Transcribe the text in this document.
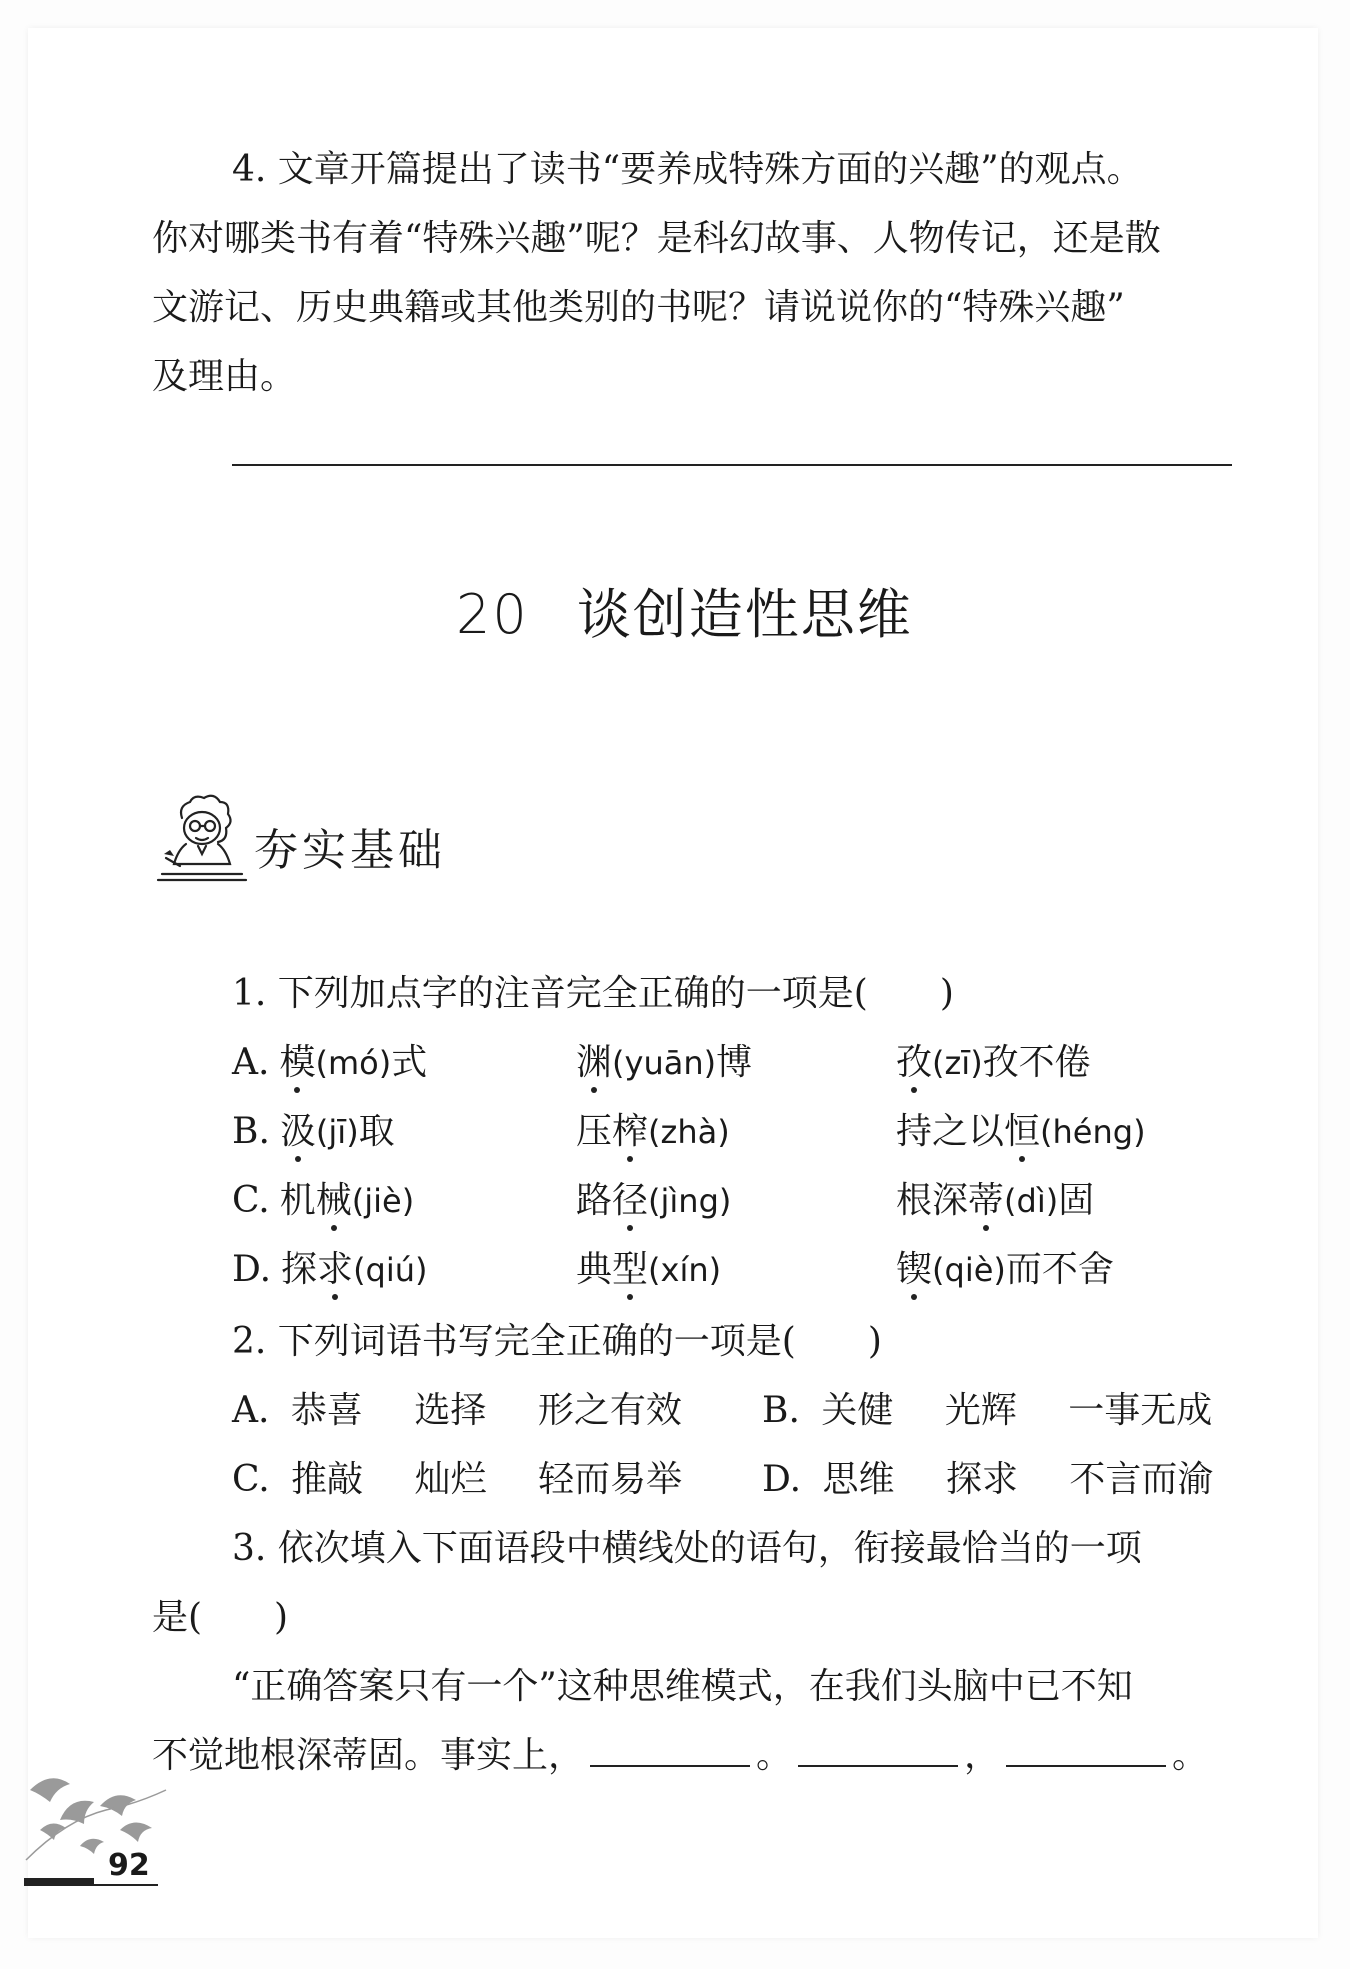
4. 文章开篇提出了读书“要养成特殊方面的兴趣”的观点。
你对哪类书有着“特殊兴趣”呢？是科幻故事、人物传记，还是散
文游记、历史典籍或其他类别的书呢？请说说你的“特殊兴趣”
及理由。
20 谈创造性思维
夯实基础
1. 下列加点字的注音完全正确的一项是(　　)
A. 模(mó)式	渊(yuān)博	孜(zī)孜不倦
B. 汲(jī)取	压榨(zhà)	持之以恒(héng)
C. 机械(jiè)	路径(jìng)	根深蒂(dì)固
D. 探求(qiú)	典型(xín)	锲(qiè)而不舍
2. 下列词语书写完全正确的一项是(　　)
A. 恭喜 选择 形之有效 B. 关健 光辉 一事无成
C. 推敲 灿烂 轻而易举 D. 思维 探求 不言而渝
3. 依次填入下面语段中横线处的语句，衔接最恰当的一项
是(　　)
“正确答案只有一个”这种思维模式，在我们头脑中已不知
不觉地根深蒂固。事实上，	。	，	。
92
